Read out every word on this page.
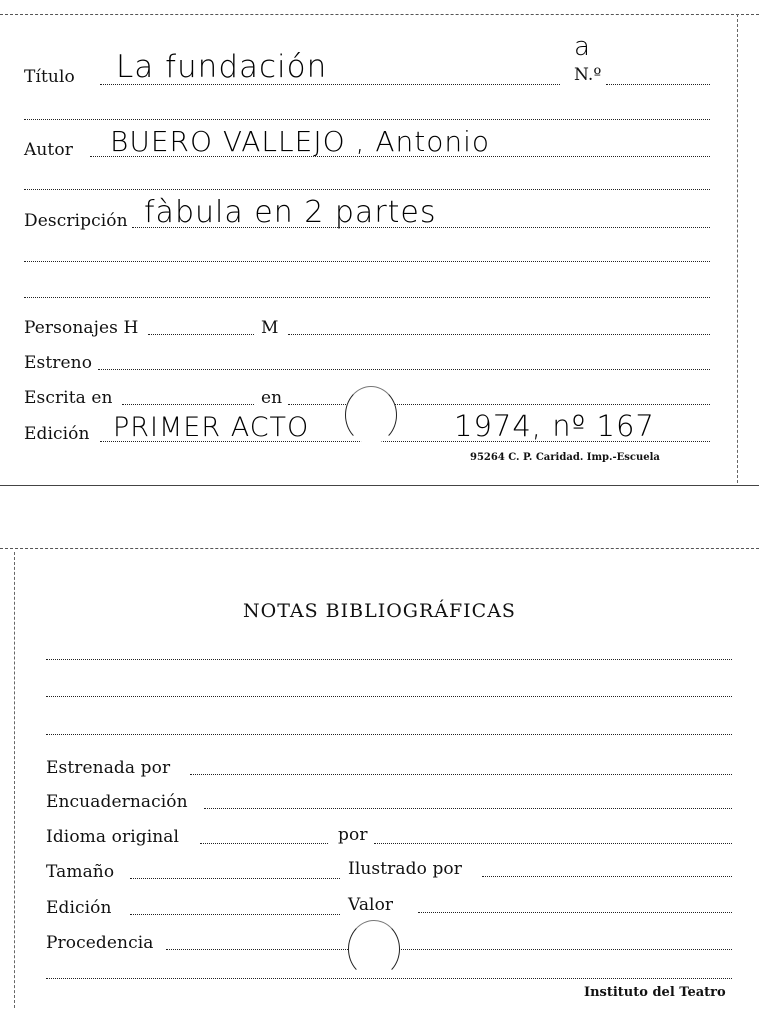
Título La fundación	N.º
a
Autor BUERO VALLEJO , Antonio
Descripción fàbula en 2 partes
Personajes H	M
Estreno
Escrita en	en
Edición PRIMER ACTO	1974, nº 167
95264 C. P. Caridad. Imp.-Escuela
NOTAS BIBLIOGRÁFICAS
Estrenada por
Encuadernación
Idioma original	por
Tamaño	Ilustrado por
Edición	Valor
Procedencia
Instituto del Teatro
